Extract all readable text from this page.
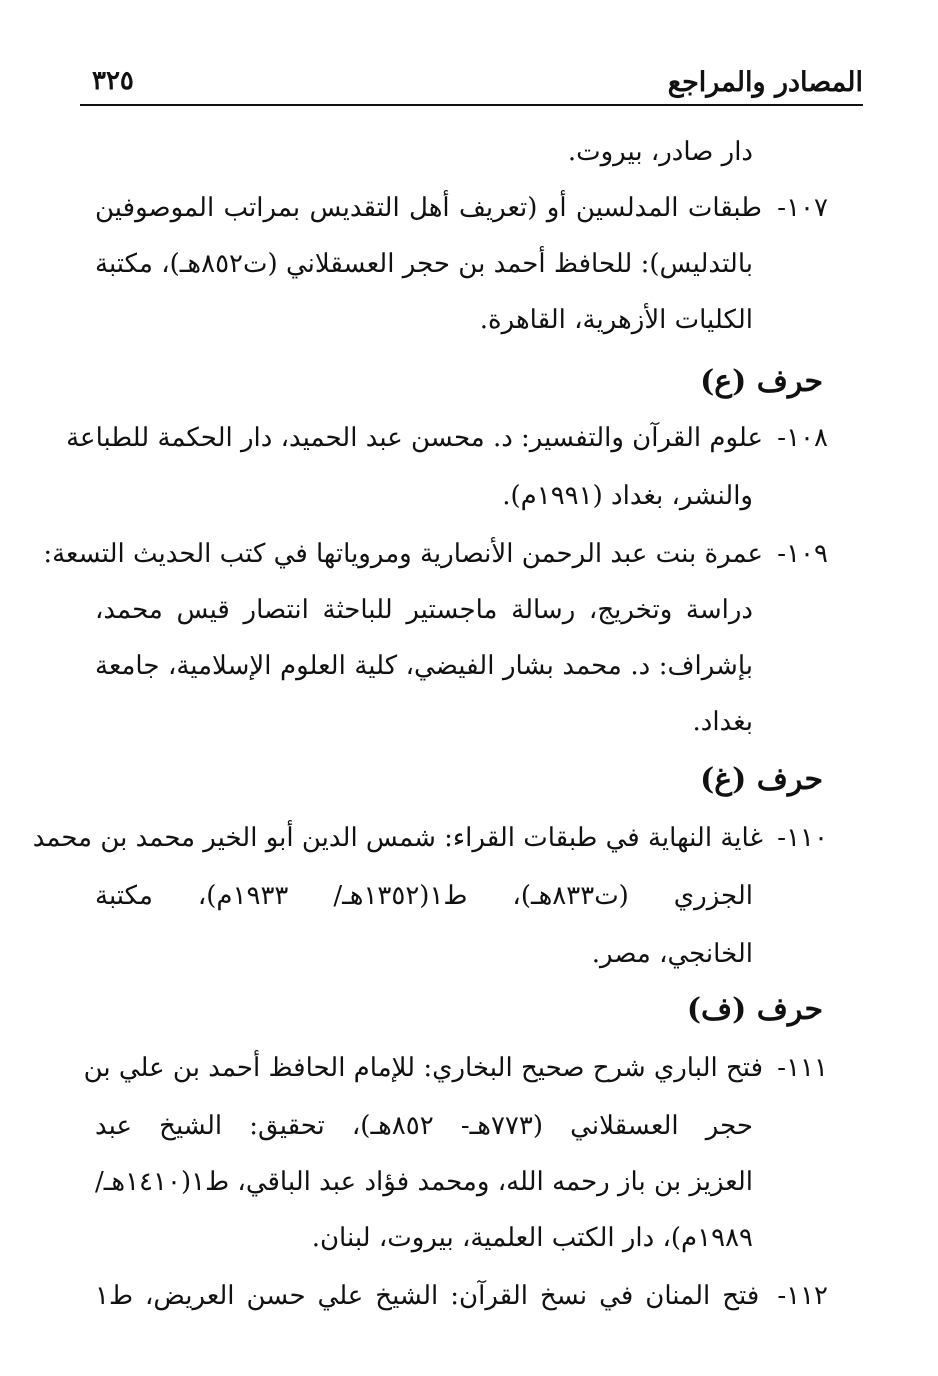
المصادر والمراجع
٣٢٥
دار صادر، بيروت.
١٠٧- طبقات المدلسين أو (تعريف أهل التقديس بمراتب الموصوفين
بالتدليس): للحافظ أحمد بن حجر العسقلاني (ت٨٥٢هـ)، مكتبة
الكليات الأزهرية، القاهرة.
حرف (ع)
١٠٨- علوم القرآن والتفسير: د. محسن عبد الحميد، دار الحكمة للطباعة
والنشر، بغداد (١٩٩١م).
١٠٩- عمرة بنت عبد الرحمن الأنصارية ومروياتها في كتب الحديث التسعة:
دراسة وتخريج، رسالة ماجستير للباحثة انتصار قيس محمد،
بإشراف: د. محمد بشار الفيضي، كلية العلوم الإسلامية، جامعة
بغداد.
حرف (غ)
١١٠- غاية النهاية في طبقات القراء: شمس الدين أبو الخير محمد بن محمد
الجزري (ت٨٣٣هـ)، ط١(١٣٥٢هـ/ ١٩٣٣م)، مكتبة
الخانجي، مصر.
حرف (ف)
١١١- فتح الباري شرح صحيح البخاري: للإمام الحافظ أحمد بن علي بن
حجر العسقلاني (٧٧٣هـ- ٨٥٢هـ)، تحقيق: الشيخ عبد
العزيز بن باز رحمه الله، ومحمد فؤاد عبد الباقي، ط١(١٤١٠هـ/
١٩٨٩م)، دار الكتب العلمية، بيروت، لبنان.
١١٢- فتح المنان في نسخ القرآن: الشيخ علي حسن العريض، ط١
